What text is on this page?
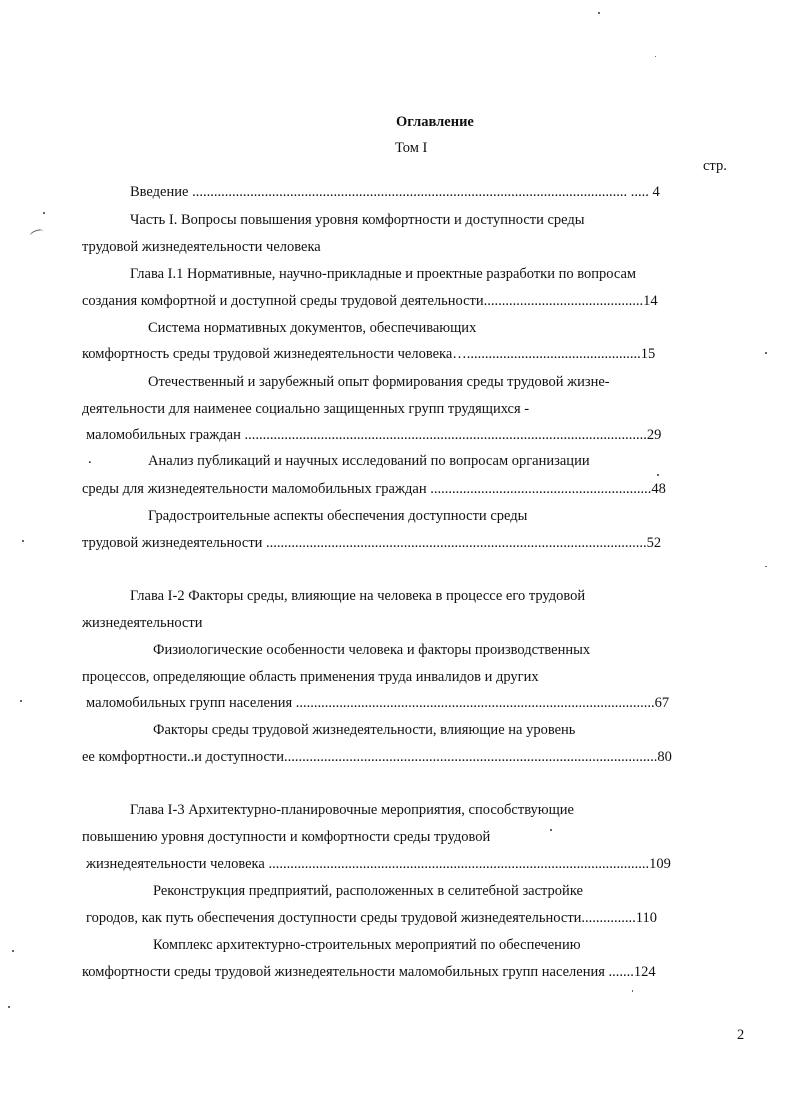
Оглавление
Том I
стр.
Введение ........................................................................................................................ ..... 4
Часть I. Вопросы повышения уровня комфортности и доступности среды
трудовой жизнедеятельности человека
Глава I.1 Нормативные, научно-прикладные и проектные разработки по вопросам
создания комфортной и доступной среды трудовой деятельности............................................14
Система нормативных документов, обеспечивающих
комфортность среды трудовой жизнедеятельности человека…................................................15
Отечественный и зарубежный опыт формирования среды трудовой жизне-
деятельности для наименее социально защищенных групп трудящихся -
маломобильных граждан ...............................................................................................................29
.	Анализ публикаций и научных исследований по вопросам организации
среды для жизнедеятельности маломобильных граждан .............................................................48
Градостроительные аспекты обеспечения доступности среды
трудовой жизнедеятельности .........................................................................................................52
Глава I-2 Факторы среды, влияющие на человека в процессе его трудовой
жизнедеятельности
Физиологические особенности человека и факторы производственных
процессов, определяющие область применения труда инвалидов и других
маломобильных групп населения ...................................................................................................67
Факторы среды трудовой жизнедеятельности, влияющие на уровень
ее комфортности..и доступности.......................................................................................................80
Глава I-3 Архитектурно-планировочные мероприятия, способствующие
повышению уровня доступности и комфортности среды трудовой
жизнедеятельности человека .........................................................................................................109
Реконструкция предприятий, расположенных в селитебной застройке
городов, как путь обеспечения доступности среды трудовой жизнедеятельности...............110
Комплекс архитектурно-строительных мероприятий по обеспечению
комфортности среды трудовой жизнедеятельности маломобильных групп населения .......124
2
